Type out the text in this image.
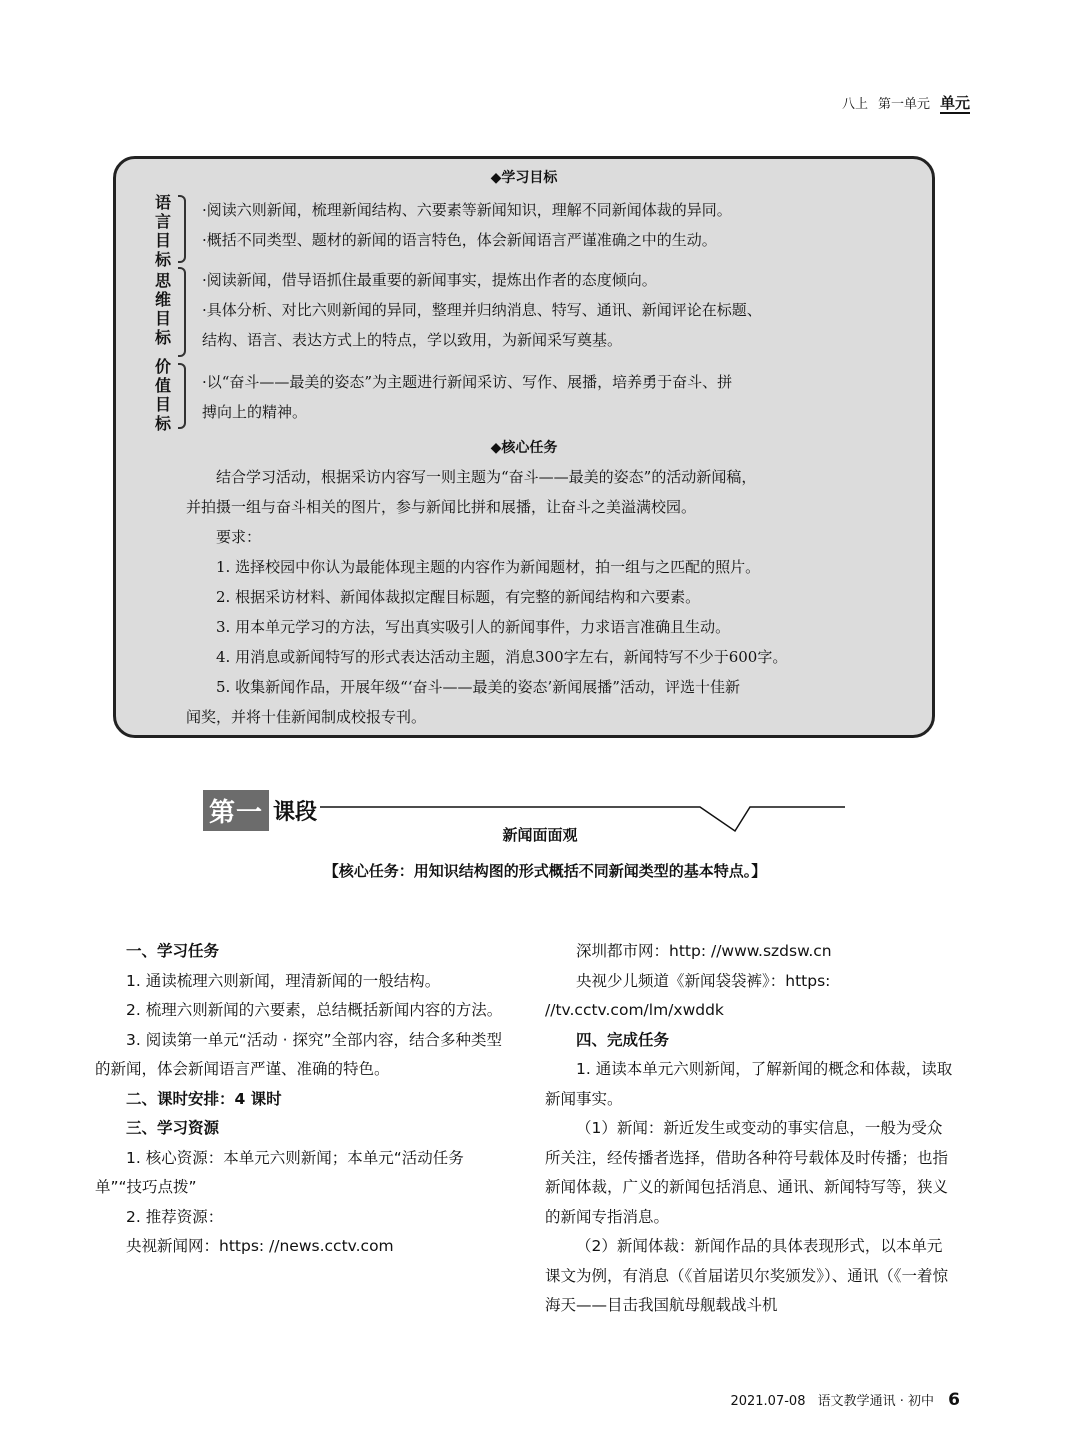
八上 第一单元 单元
◆学习目标
语言目标
·阅读六则新闻，梳理新闻结构、六要素等新闻知识，理解不同新闻体裁的异同。
·概括不同类型、题材的新闻的语言特色，体会新闻语言严谨准确之中的生动。
思维目标
·阅读新闻，借导语抓住最重要的新闻事实，提炼出作者的态度倾向。
·具体分析、对比六则新闻的异同，整理并归纳消息、特写、通讯、新闻评论在标题、
结构、语言、表达方式上的特点，学以致用，为新闻采写奠基。
价值目标
·以“奋斗——最美的姿态”为主题进行新闻采访、写作、展播，培养勇于奋斗、拼
搏向上的精神。
◆核心任务
结合学习活动，根据采访内容写一则主题为“奋斗——最美的姿态”的活动新闻稿，
并拍摄一组与奋斗相关的图片，参与新闻比拼和展播，让奋斗之美溢满校园。
要求：
1. 选择校园中你认为最能体现主题的内容作为新闻题材，拍一组与之匹配的照片。
2. 根据采访材料、新闻体裁拟定醒目标题，有完整的新闻结构和六要素。
3. 用本单元学习的方法，写出真实吸引人的新闻事件，力求语言准确且生动。
4. 用消息或新闻特写的形式表达活动主题，消息300字左右，新闻特写不少于600字。
5. 收集新闻作品，开展年级“‘奋斗——最美的姿态’新闻展播”活动，评选十佳新
闻奖，并将十佳新闻制成校报专刊。
第一 课段
新闻面面观
【核心任务：用知识结构图的形式概括不同新闻类型的基本特点。】

一、学习任务

1. 通读梳理六则新闻，理清新闻的一般结构。

2. 梳理六则新闻的六要素，总结概括新闻内容的方法。

3. 阅读第一单元“活动 · 探究”全部内容，结合多种类型的新闻，体会新闻语言严谨、准确的特色。

二、课时安排：4 课时

三、学习资源

1. 核心资源：本单元六则新闻；本单元“活动任务单”“技巧点拨”

2. 推荐资源：

央视新闻网：https: //news.cctv.com

深圳都市网：http: //www.szdsw.cn

央视少儿频道《新闻袋袋裤》：https: //tv.cctv.com/lm/xwddk

四、完成任务

1. 通读本单元六则新闻，了解新闻的概念和体裁，读取新闻事实。

（1）新闻：新近发生或变动的事实信息，一般为受众所关注，经传播者选择，借助各种符号载体及时传播；也指新闻体裁，广义的新闻包括消息、通讯、新闻特写等，狭义的新闻专指消息。

（2）新闻体裁：新闻作品的具体表现形式，以本单元课文为例，有消息（《首届诺贝尔奖颁发》）、通讯（《一着惊海天——目击我国航母舰载战斗机

2021.07-08 语文教学通讯 · 初中 6
